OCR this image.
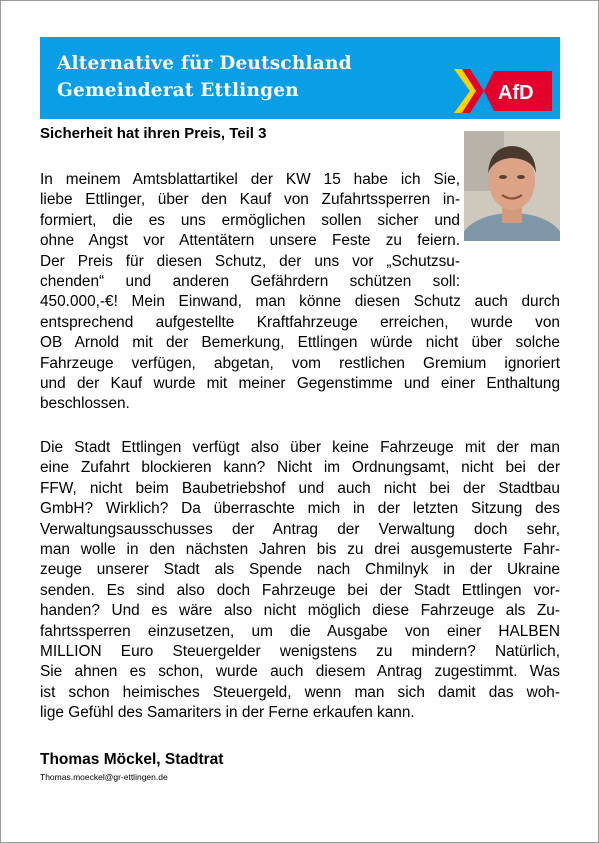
Alternative für Deutschland
Gemeinderat Ettlingen	AfD
Sicherheit hat ihren Preis, Teil 3
In meinem Amtsblattartikel der KW 15 habe ich Sie,
liebe Ettlinger, über den Kauf von Zufahrtssperren in-
formiert, die es uns ermöglichen sollen sicher und
ohne Angst vor Attentätern unsere Feste zu feiern.
Der Preis für diesen Schutz, der uns vor „Schutzsu-
chenden“ und anderen Gefährdern schützen soll:
450.000,-€! Mein Einwand, man könne diesen Schutz auch durch
entsprechend aufgestellte Kraftfahrzeuge erreichen, wurde von
OB Arnold mit der Bemerkung, Ettlingen würde nicht über solche
Fahrzeuge verfügen, abgetan, vom restlichen Gremium ignoriert
und der Kauf wurde mit meiner Gegenstimme und einer Enthaltung
beschlossen.
Die Stadt Ettlingen verfügt also über keine Fahrzeuge mit der man
eine Zufahrt blockieren kann? Nicht im Ordnungsamt, nicht bei der
FFW, nicht beim Baubetriebshof und auch nicht bei der Stadtbau
GmbH? Wirklich? Da überraschte mich in der letzten Sitzung des
Verwaltungsausschusses der Antrag der Verwaltung doch sehr,
man wolle in den nächsten Jahren bis zu drei ausgemusterte Fahr-
zeuge unserer Stadt als Spende nach Chmilnyk in der Ukraine
senden. Es sind also doch Fahrzeuge bei der Stadt Ettlingen vor-
handen? Und es wäre also nicht möglich diese Fahrzeuge als Zu-
fahrtssperren einzusetzen, um die Ausgabe von einer HALBEN
MILLION Euro Steuergelder wenigstens zu mindern? Natürlich,
Sie ahnen es schon, wurde auch diesem Antrag zugestimmt. Was
ist schon heimisches Steuergeld, wenn man sich damit das woh-
lige Gefühl des Samariters in der Ferne erkaufen kann.
Thomas Möckel, Stadtrat
Thomas.moeckel@gr-ettlingen.de
